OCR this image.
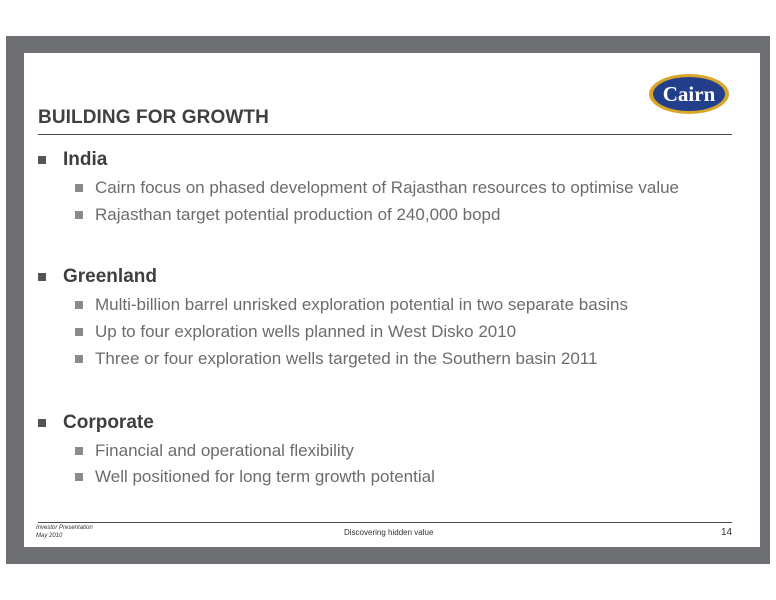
Cairn
BUILDING FOR GROWTH
India
Cairn focus on phased development of Rajasthan resources to optimise value
Rajasthan target potential production of 240,000 bopd
Greenland
Multi-billion barrel unrisked exploration potential in two separate basins
Up to four exploration wells planned in West Disko 2010
Three or four exploration wells targeted in the Southern basin 2011
Corporate
Financial and operational flexibility
Well positioned for long term growth potential
Investor Presentation
May 2010	Discovering hidden value	14
